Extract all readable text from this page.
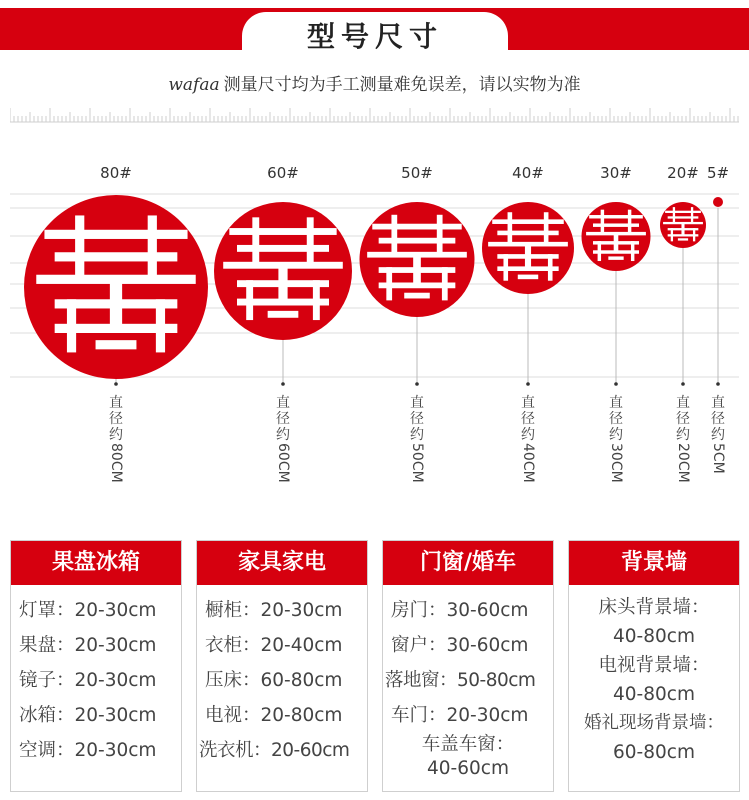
型号尺寸
wafaa 测量尺寸均为手工测量难免误差，请以实物为准
80#	60#	50#	40#	30# 20# 5#
直
径
约
80CM
直
径
约
60CM
直
径
约
50CM
直
径
约
40CM
直
径
约
30CM
直
径
约
20CM
直
径
约
5CM
果盘冰箱
灯罩：20-30cm
果盘：20-30cm
镜子：20-30cm
冰箱：20-30cm
空调：20-30cm
家具家电
橱柜：20-30cm
衣柜：20-40cm
压床：60-80cm
电视：20-80cm
洗衣机：20-60cm
门窗/婚车
房门：30-60cm
窗户：30-60cm
落地窗：50-80cm
车门：20-30cm
车盖车窗：
40-60cm
背景墙
床头背景墙：
40-80cm
电视背景墙：
40-80cm
婚礼现场背景墙：
60-80cm
